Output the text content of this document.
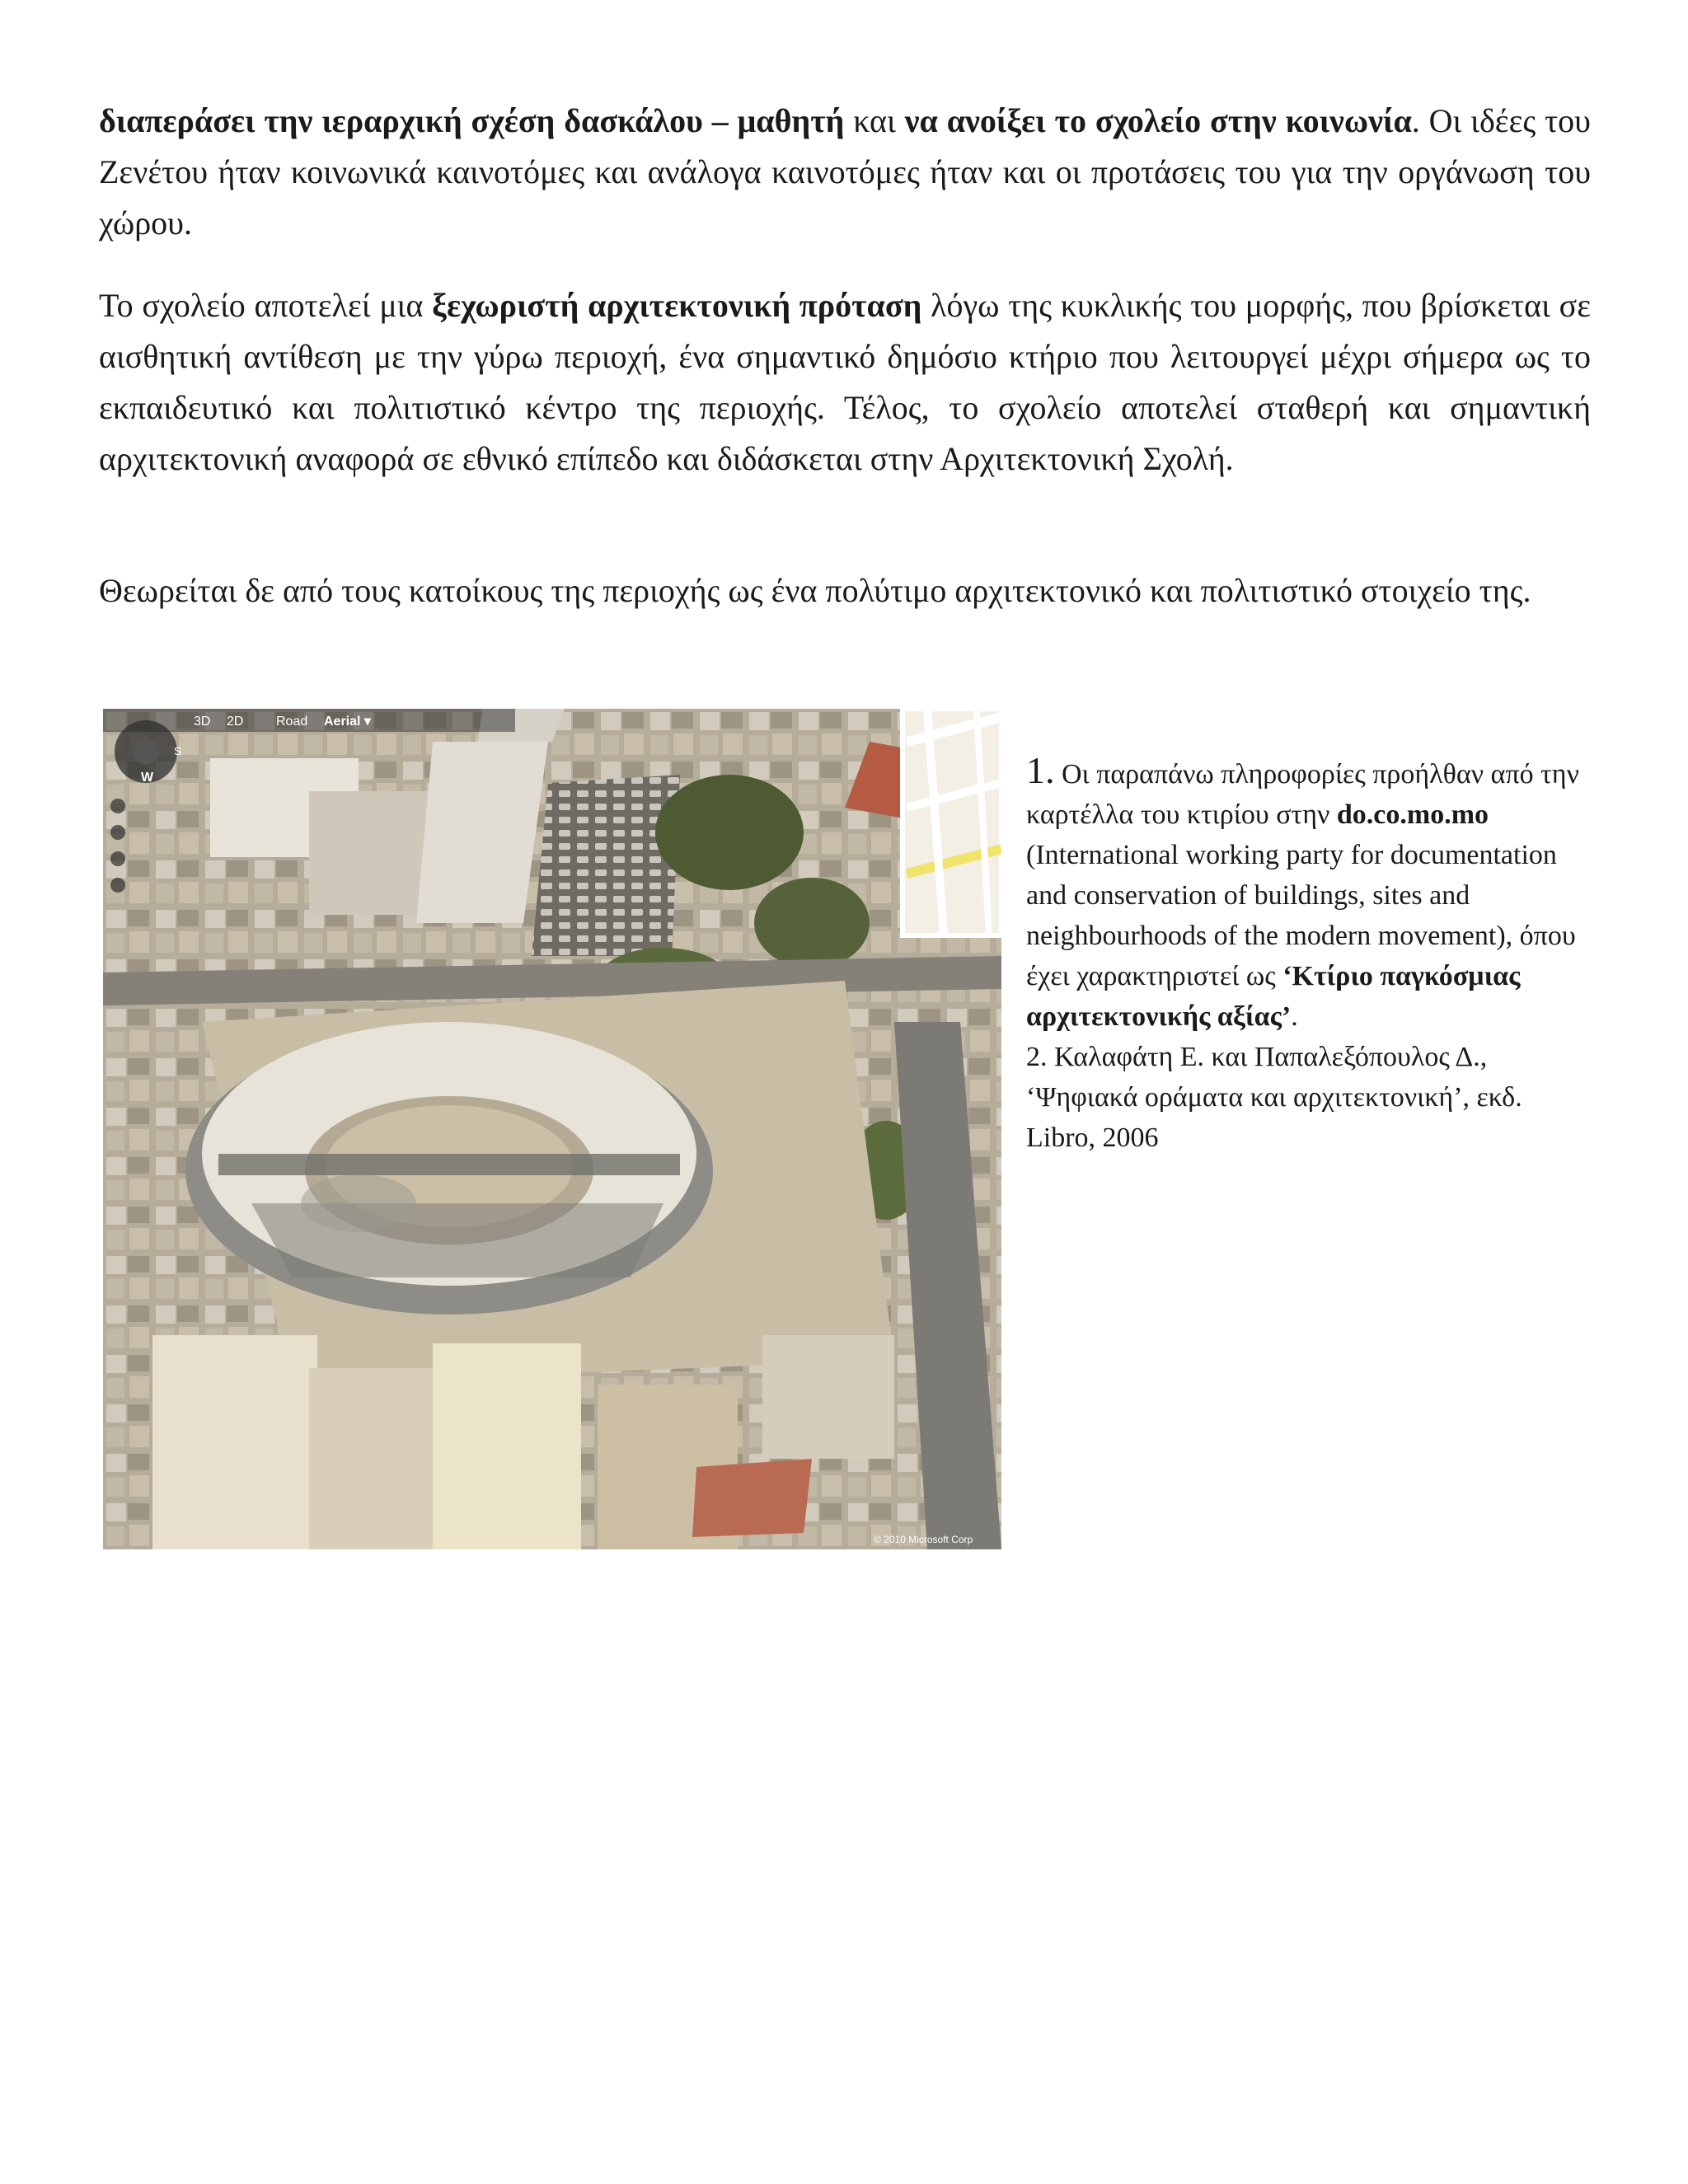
διαπεράσει την ιεραρχική σχέση δασκάλου – μαθητή και να ανοίξει το σχολείο στην κοινωνία. Οι ιδέες του Ζενέτου ήταν κοινωνικά καινοτόμες και ανάλογα καινοτόμες ήταν και οι προτάσεις του για την οργάνωση του χώρου.

Το σχολείο αποτελεί μια ξεχωριστή αρχιτεκτονική πρόταση λόγω της κυκλικής του μορφής, που βρίσκεται σε αισθητική αντίθεση με την γύρω περιοχή, ένα σημαντικό δημόσιο κτήριο που λειτουργεί μέχρι σήμερα ως το εκπαιδευτικό και πολιτιστικό κέντρο της περιοχής. Τέλος, το σχολείο αποτελεί σταθερή και σημαντική αρχιτεκτονική αναφορά σε εθνικό επίπεδο και διδάσκεται στην Αρχιτεκτονική Σχολή.

Θεωρείται δε από τους κατοίκους της περιοχής ως ένα πολύτιμο αρχιτεκτονικό και πολιτιστικό στοιχείο της.

3D 2D Road Aerial ▾
W
S
© 2010 Microsoft Corp

1. Οι παραπάνω πληροφορίες προήλθαν από την καρτέλλα του κτιρίου στην do.co.mo.mo (International working party for documentation and conservation of buildings, sites and neighbourhoods of the modern movement), όπου έχει χαρακτηριστεί ως ‘Κτίριο παγκόσμιας αρχιτεκτονικής αξίας’.
2. Καλαφάτη Ε. και Παπαλεξόπουλος Δ., ‘Ψηφιακά οράματα και αρχιτεκτονική’, εκδ. Libro, 2006
